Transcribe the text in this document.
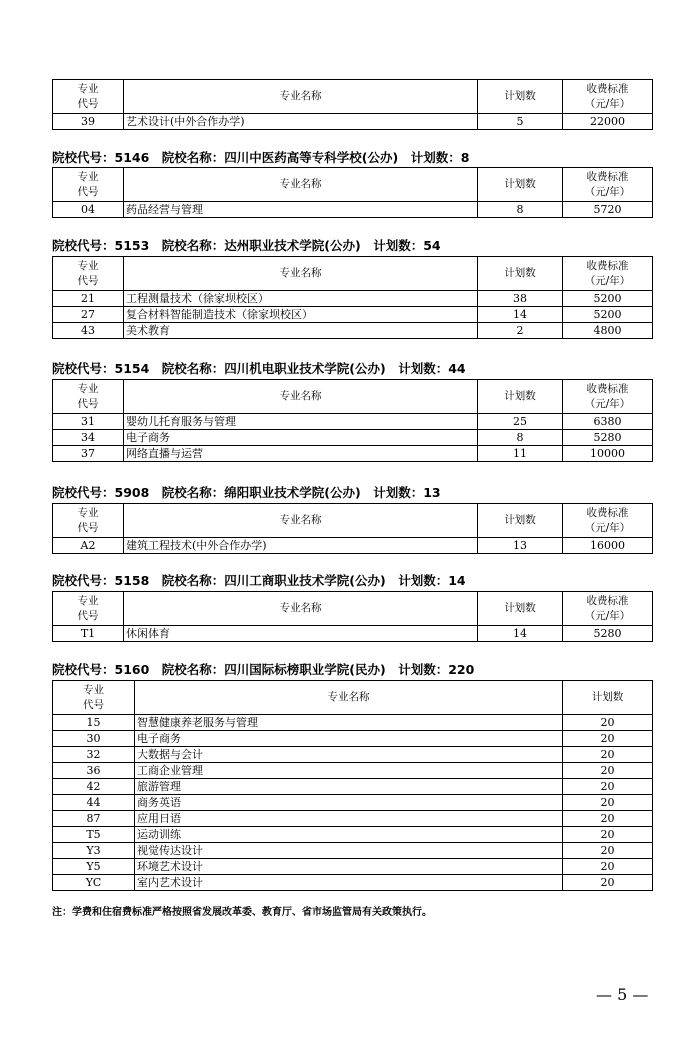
专业
代号	专业名称	计划数	收费标准
（元/年）
39	艺术设计(中外合作办学)	5	22000
院校代号：5146　院校名称：四川中医药高等专科学校(公办)　计划数：8
专业
代号	专业名称	计划数	收费标准
（元/年）
04	药品经营与管理	8	5720
院校代号：5153　院校名称：达州职业技术学院(公办)　计划数：54
专业
代号	专业名称	计划数	收费标准
（元/年）
21	工程测量技术（徐家坝校区）	38	5200
27	复合材料智能制造技术（徐家坝校区）	14	5200
43	美术教育	2	4800
院校代号：5154　院校名称：四川机电职业技术学院(公办)　计划数：44
专业
代号	专业名称	计划数	收费标准
（元/年）
31	婴幼儿托育服务与管理	25	6380
34	电子商务	8	5280
37	网络直播与运营	11	10000
院校代号：5908　院校名称：绵阳职业技术学院(公办)　计划数：13
专业
代号	专业名称	计划数	收费标准
（元/年）
A2	建筑工程技术(中外合作办学)	13	16000
院校代号：5158　院校名称：四川工商职业技术学院(公办)　计划数：14
专业
代号	专业名称	计划数	收费标准
（元/年）
T1	休闲体育	14	5280
院校代号：5160　院校名称：四川国际标榜职业学院(民办)　计划数：220
专业
代号	专业名称	计划数
15	智慧健康养老服务与管理	20
30	电子商务	20
32	大数据与会计	20
36	工商企业管理	20
42	旅游管理	20
44	商务英语	20
87	应用日语	20
T5	运动训练	20
Y3	视觉传达设计	20
Y5	环境艺术设计	20
YC	室内艺术设计	20
注：学费和住宿费标准严格按照省发展改革委、教育厅、省市场监管局有关政策执行。
— 5 —
